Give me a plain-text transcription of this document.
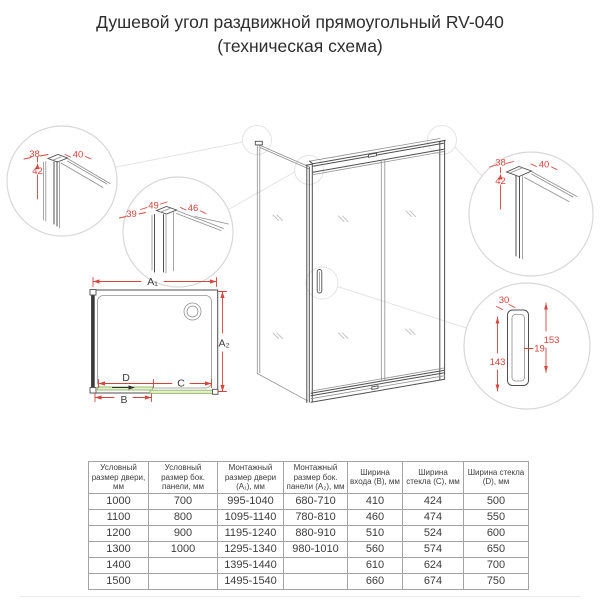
Душевой угол раздвижной прямоугольный RV-040
(техническая схема)
38	40
42
49	46
39
38	40
42
30
153
19
143
A₁
A₂
D	C
B
Условный размер двери, мм	Условный размер бок. панели, мм	Монтажный размер двери (A₁), мм	Монтажный размер бок. панели (A₂), мм	Ширина входа (B), мм	Ширина стекла (C), мм	Ширина стекла (D), мм
1000	700	995-1040	680-710	410	424	500
1100	800	1095-1140	780-810	460	474	550
1200	900	1195-1240	880-910	510	524	600
1300	1000	1295-1340	980-1010	560	574	650
1400		1395-1440		610	624	700
1500		1495-1540		660	674	750
